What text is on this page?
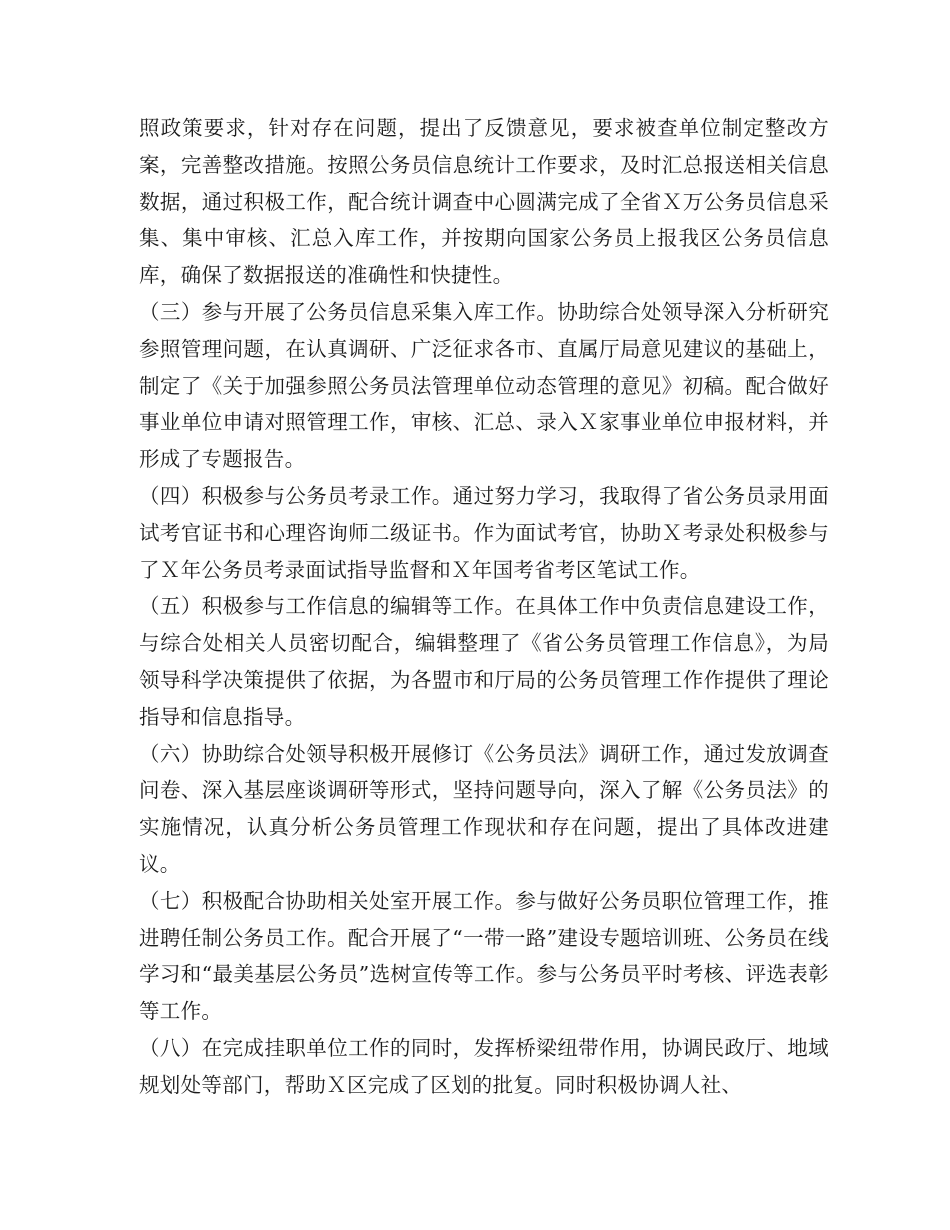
照政策要求，针对存在问题，提出了反馈意见，要求被查单位制定整改方案，完善整改措施。按照公务员信息统计工作要求，及时汇总报送相关信息数据，通过积极工作，配合统计调查中心圆满完成了全省Ｘ万公务员信息采集、集中审核、汇总入库工作，并按期向国家公务员上报我区公务员信息库，确保了数据报送的准确性和快捷性。

（三）参与开展了公务员信息采集入库工作。协助综合处领导深入分析研究参照管理问题，在认真调研、广泛征求各市、直属厅局意见建议的基础上，制定了《关于加强参照公务员法管理单位动态管理的意见》初稿。配合做好事业单位申请对照管理工作，审核、汇总、录入Ｘ家事业单位申报材料，并形成了专题报告。

（四）积极参与公务员考录工作。通过努力学习，我取得了省公务员录用面试考官证书和心理咨询师二级证书。作为面试考官，协助Ｘ考录处积极参与了Ｘ年公务员考录面试指导监督和Ｘ年国考省考区笔试工作。

（五）积极参与工作信息的编辑等工作。在具体工作中负责信息建设工作，与综合处相关人员密切配合，编辑整理了《省公务员管理工作信息》，为局领导科学决策提供了依据，为各盟市和厅局的公务员管理工作作提供了理论指导和信息指导。

（六）协助综合处领导积极开展修订《公务员法》调研工作，通过发放调查问卷、深入基层座谈调研等形式，坚持问题导向，深入了解《公务员法》的实施情况，认真分析公务员管理工作现状和存在问题，提出了具体改进建议。

（七）积极配合协助相关处室开展工作。参与做好公务员职位管理工作，推进聘任制公务员工作。配合开展了“一带一路”建设专题培训班、公务员在线学习和“最美基层公务员”选树宣传等工作。参与公务员平时考核、评选表彰等工作。

（八）在完成挂职单位工作的同时，发挥桥梁纽带作用，协调民政厅、地域规划处等部门，帮助Ｘ区完成了区划的批复。同时积极协调人社、
